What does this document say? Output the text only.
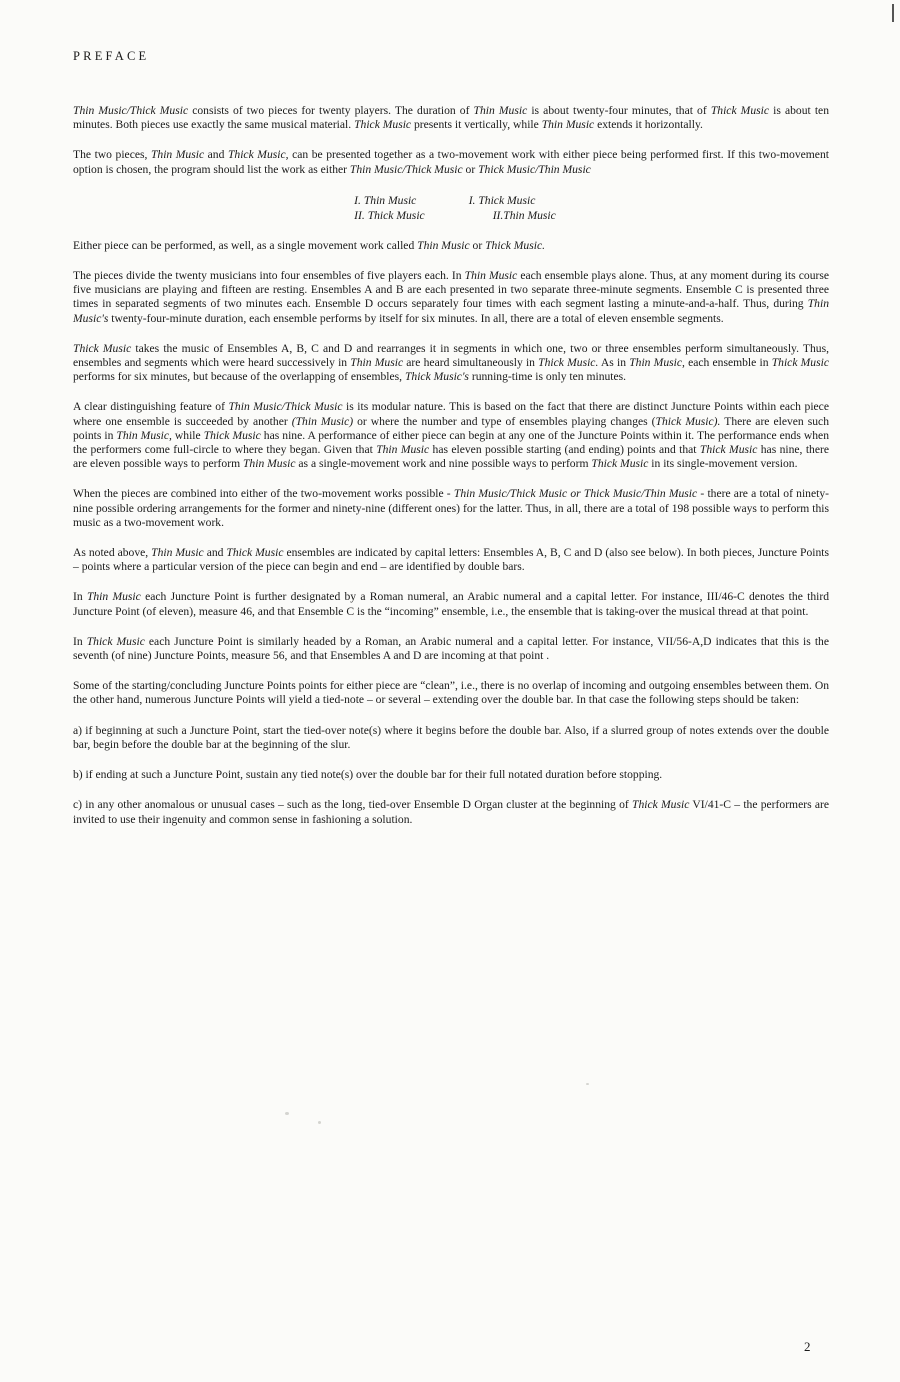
PREFACE

Thin Music/Thick Music consists of two pieces for twenty players. The duration of Thin Music is about twenty-four minutes, that of Thick Music is about ten minutes. Both pieces use exactly the same musical material. Thick Music presents it vertically, while Thin Music extends it horizontally.

The two pieces, Thin Music and Thick Music, can be presented together as a two-movement work with either piece being performed first. If this two-movement option is chosen, the program should list the work as either Thin Music/Thick Music or Thick Music/Thin Music

I. Thin Music
II. Thick Music
I. Thick Music
II.Thin Music

Either piece can be performed, as well, as a single movement work called Thin Music or Thick Music.

The pieces divide the twenty musicians into four ensembles of five players each. In Thin Music each ensemble plays alone. Thus, at any moment during its course five musicians are playing and fifteen are resting. Ensembles A and B are each presented in two separate three-minute segments. Ensemble C is presented three times in separated segments of two minutes each. Ensemble D occurs separately four times with each segment lasting a minute-and-a-half. Thus, during Thin Music's twenty-four-minute duration, each ensemble performs by itself for six minutes. In all, there are a total of eleven ensemble segments.

Thick Music takes the music of Ensembles A, B, C and D and rearranges it in segments in which one, two or three ensembles perform simultaneously. Thus, ensembles and segments which were heard successively in Thin Music are heard simultaneously in Thick Music. As in Thin Music, each ensemble in Thick Music performs for six minutes, but because of the overlapping of ensembles, Thick Music's running-time is only ten minutes.

A clear distinguishing feature of Thin Music/Thick Music is its modular nature. This is based on the fact that there are distinct Juncture Points within each piece where one ensemble is succeeded by another (Thin Music) or where the number and type of ensembles playing changes (Thick Music). There are eleven such points in Thin Music, while Thick Music has nine. A performance of either piece can begin at any one of the Juncture Points within it. The performance ends when the performers come full-circle to where they began. Given that Thin Music has eleven possible starting (and ending) points and that Thick Music has nine, there are eleven possible ways to perform Thin Music as a single-movement work and nine possible ways to perform Thick Music in its single-movement version.

When the pieces are combined into either of the two-movement works possible - Thin Music/Thick Music or Thick Music/Thin Music - there are a total of ninety-nine possible ordering arrangements for the former and ninety-nine (different ones) for the latter. Thus, in all, there are a total of 198 possible ways to perform this music as a two-movement work.

As noted above, Thin Music and Thick Music ensembles are indicated by capital letters: Ensembles A, B, C and D (also see below). In both pieces, Juncture Points – points where a particular version of the piece can begin and end – are identified by double bars.

In Thin Music each Juncture Point is further designated by a Roman numeral, an Arabic numeral and a capital letter. For instance, III/46-C denotes the third Juncture Point (of eleven), measure 46, and that Ensemble C is the “incoming” ensemble, i.e., the ensemble that is taking-over the musical thread at that point.

In Thick Music each Juncture Point is similarly headed by a Roman, an Arabic numeral and a capital letter. For instance, VII/56-A,D indicates that this is the seventh (of nine) Juncture Points, measure 56, and that Ensembles A and D are incoming at that point .

Some of the starting/concluding Juncture Points points for either piece are “clean”, i.e., there is no overlap of incoming and outgoing ensembles between them. On the other hand, numerous Juncture Points will yield a tied-note – or several – extending over the double bar. In that case the following steps should be taken:

a) if beginning at such a Juncture Point, start the tied-over note(s) where it begins before the double bar. Also, if a slurred group of notes extends over the double bar, begin before the double bar at the beginning of the slur.

b) if ending at such a Juncture Point, sustain any tied note(s) over the double bar for their full notated duration before stopping.

c) in any other anomalous or unusual cases – such as the long, tied-over Ensemble D Organ cluster at the beginning of Thick Music VI/41-C – the performers are invited to use their ingenuity and common sense in fashioning a solution.

2
